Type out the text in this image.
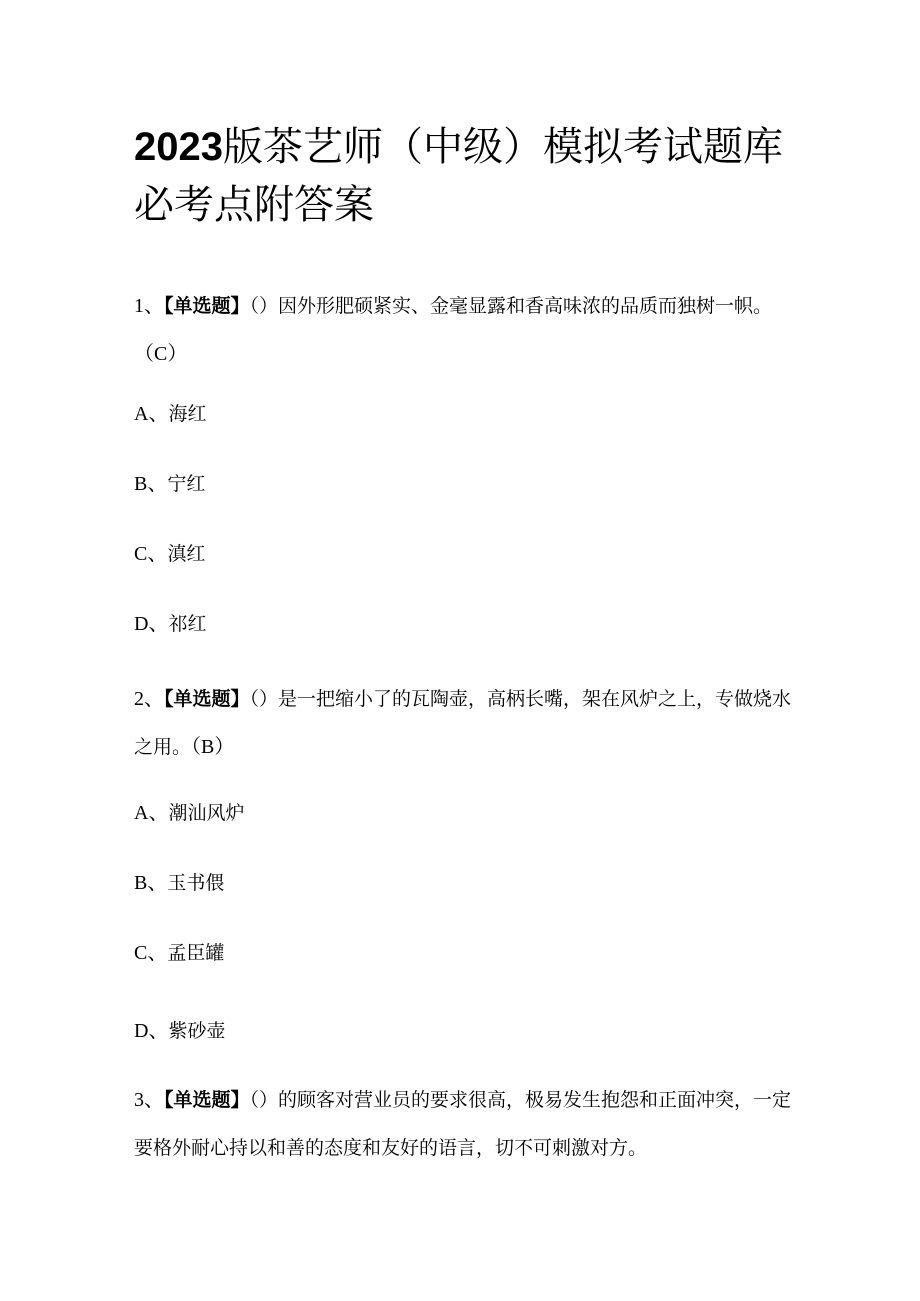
2023版茶艺师（中级）模拟考试题库必考点附答案

1、【单选题】（）因外形肥硕紧实、金毫显露和香高味浓的品质而独树一帜。（C）

A、海红

B、宁红

C、滇红

D、祁红

2、【单选题】（）是一把缩小了的瓦陶壶，高柄长嘴，架在风炉之上，专做烧水之用。（B）

A、潮汕风炉

B、玉书偎

C、孟臣罐

D、紫砂壶

3、【单选题】（）的顾客对营业员的要求很高，极易发生抱怨和正面冲突，一定要格外耐心持以和善的态度和友好的语言，切不可刺激对方。
